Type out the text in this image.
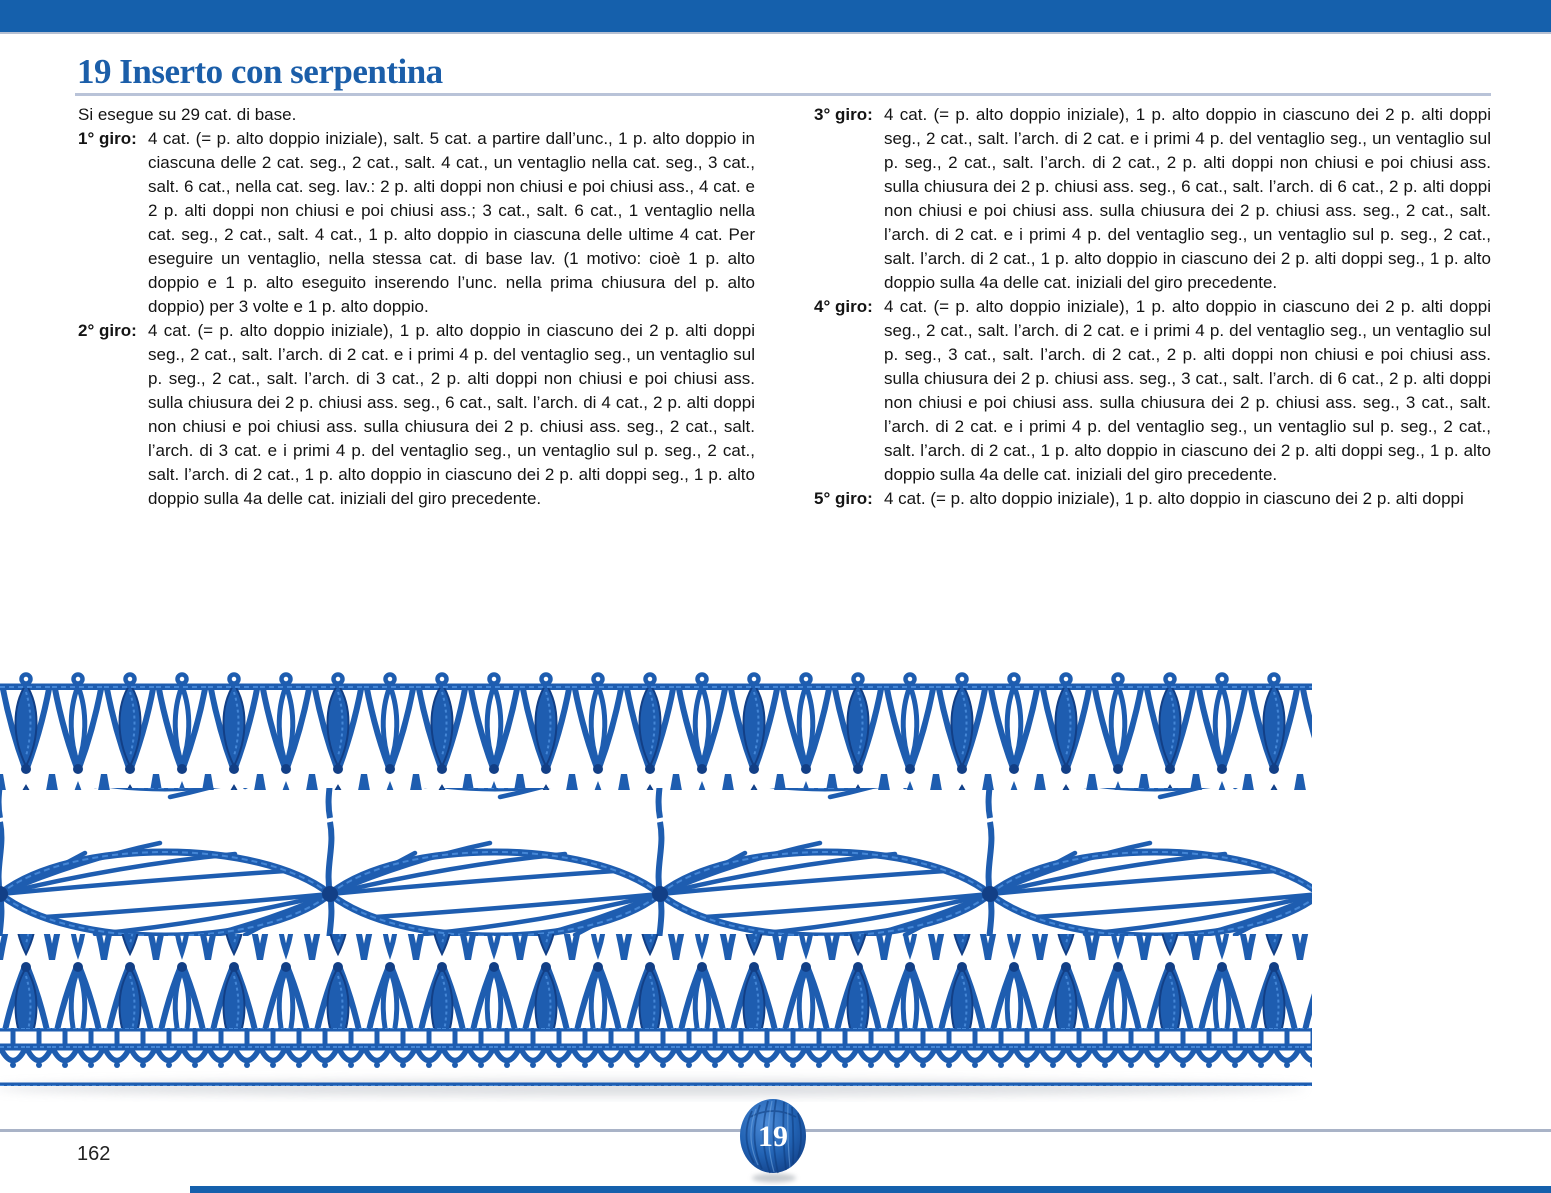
19 Inserto con serpentina

Si esegue su 29 cat. di base.

1° giro: 4 cat. (= p. alto doppio iniziale), salt. 5 cat. a partire dall’unc., 1 p. alto doppio in ciascuna delle 2 cat. seg., 2 cat., salt. 4 cat., un ventaglio nella cat. seg., 3 cat., salt. 6 cat., nella cat. seg. lav.: 2 p. alti doppi non chiusi e poi chiusi ass., 4 cat. e 2 p. alti doppi non chiusi e poi chiusi ass.; 3 cat., salt. 6 cat., 1 ventaglio nella cat. seg., 2 cat., salt. 4 cat., 1 p. alto doppio in ciascuna delle ultime 4 cat. Per eseguire un ventaglio, nella stessa cat. di base lav. (1 motivo: cioè 1 p. alto doppio e 1 p. alto eseguito inserendo l’unc. nella prima chiusura del p. alto doppio) per 3 volte e 1 p. alto doppio.

2° giro: 4 cat. (= p. alto doppio iniziale), 1 p. alto doppio in ciascuno dei 2 p. alti doppi seg., 2 cat., salt. l’arch. di 2 cat. e i primi 4 p. del ventaglio seg., un ventaglio sul p. seg., 2 cat., salt. l’arch. di 3 cat., 2 p. alti doppi non chiusi e poi chiusi ass. sulla chiusura dei 2 p. chiusi ass. seg., 6 cat., salt. l’arch. di 4 cat., 2 p. alti doppi non chiusi e poi chiusi ass. sulla chiusura dei 2 p. chiusi ass. seg., 2 cat., salt. l’arch. di 3 cat. e i primi 4 p. del ventaglio seg., un ventaglio sul p. seg., 2 cat., salt. l’arch. di 2 cat., 1 p. alto doppio in ciascuno dei 2 p. alti doppi seg., 1 p. alto doppio sulla 4a delle cat. iniziali del giro precedente.

3° giro: 4 cat. (= p. alto doppio iniziale), 1 p. alto doppio in ciascuno dei 2 p. alti doppi seg., 2 cat., salt. l’arch. di 2 cat. e i primi 4 p. del ventaglio seg., un ventaglio sul p. seg., 2 cat., salt. l’arch. di 2 cat., 2 p. alti doppi non chiusi e poi chiusi ass. sulla chiusura dei 2 p. chiusi ass. seg., 6 cat., salt. l’arch. di 6 cat., 2 p. alti doppi non chiusi e poi chiusi ass. sulla chiusura dei 2 p. chiusi ass. seg., 2 cat., salt. l’arch. di 2 cat. e i primi 4 p. del ventaglio seg., un ventaglio sul p. seg., 2 cat., salt. l’arch. di 2 cat., 1 p. alto doppio in ciascuno dei 2 p. alti doppi seg., 1 p. alto doppio sulla 4a delle cat. iniziali del giro precedente.

4° giro: 4 cat. (= p. alto doppio iniziale), 1 p. alto doppio in ciascuno dei 2 p. alti doppi seg., 2 cat., salt. l’arch. di 2 cat. e i primi 4 p. del ventaglio seg., un ventaglio sul p. seg., 3 cat., salt. l’arch. di 2 cat., 2 p. alti doppi non chiusi e poi chiusi ass. sulla chiusura dei 2 p. chiusi ass. seg., 3 cat., salt. l’arch. di 6 cat., 2 p. alti doppi non chiusi e poi chiusi ass. sulla chiusura dei 2 p. chiusi ass. seg., 3 cat., salt. l’arch. di 2 cat. e i primi 4 p. del ventaglio seg., un ventaglio sul p. seg., 2 cat., salt. l’arch. di 2 cat., 1 p. alto doppio in ciascuno dei 2 p. alti doppi seg., 1 p. alto doppio sulla 4a delle cat. iniziali del giro precedente.

5° giro: 4 cat. (= p. alto doppio iniziale), 1 p. alto doppio in ciascuno dei 2 p. alti doppi

162
19
